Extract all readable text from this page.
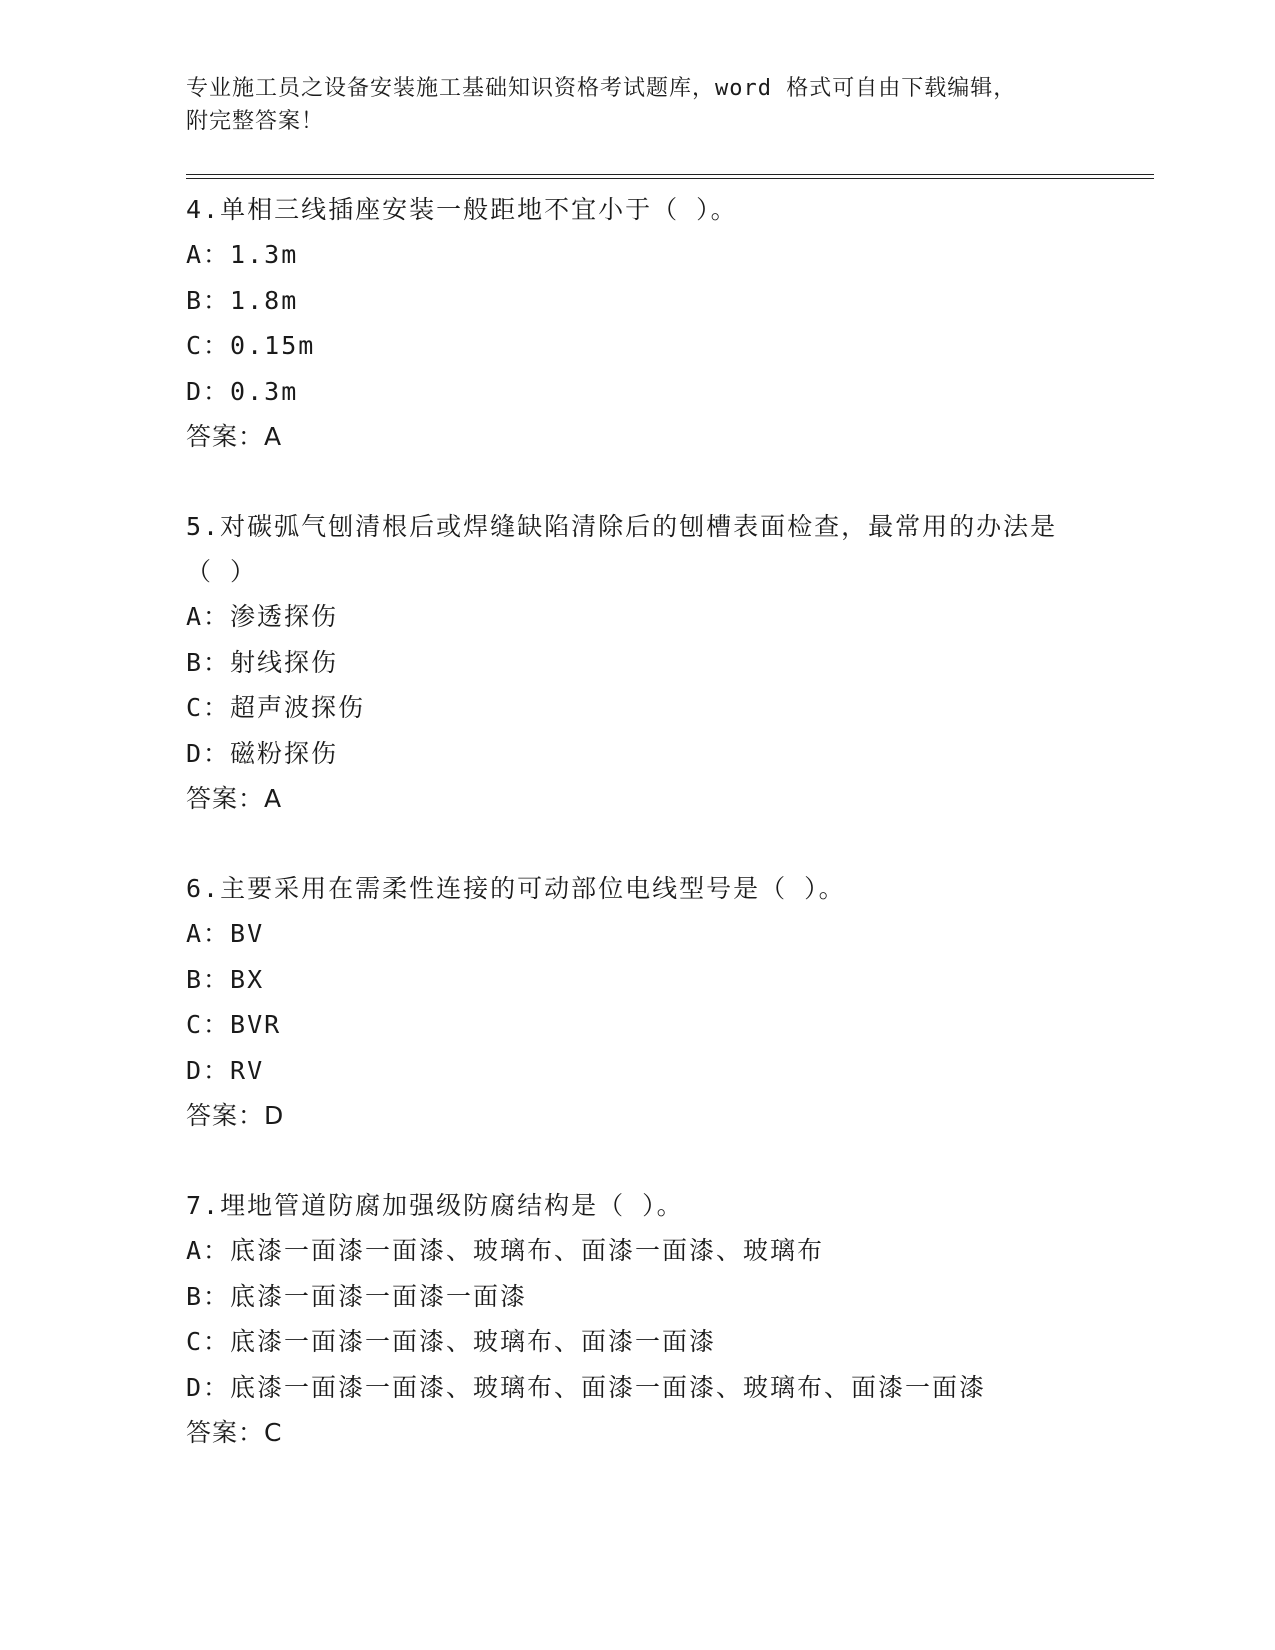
专业施工员之设备安装施工基础知识资格考试题库，word 格式可自由下载编辑，

附完整答案！

4.单相三线插座安装一般距地不宜小于（ ）。

A：1.3m

B：1.8m

C：0.15m

D：0.3m

答案：A

5.对碳弧气刨清根后或焊缝缺陷清除后的刨槽表面检查，最常用的办法是（ ）

A：渗透探伤

B：射线探伤

C：超声波探伤

D：磁粉探伤

答案：A

6.主要采用在需柔性连接的可动部位电线型号是（ ）。

A：BV

B：BX

C：BVR

D：RV

答案：D

7.埋地管道防腐加强级防腐结构是（ ）。

A：底漆一面漆一面漆、玻璃布、面漆一面漆、玻璃布

B：底漆一面漆一面漆一面漆

C：底漆一面漆一面漆、玻璃布、面漆一面漆

D：底漆一面漆一面漆、玻璃布、面漆一面漆、玻璃布、面漆一面漆

答案：C
